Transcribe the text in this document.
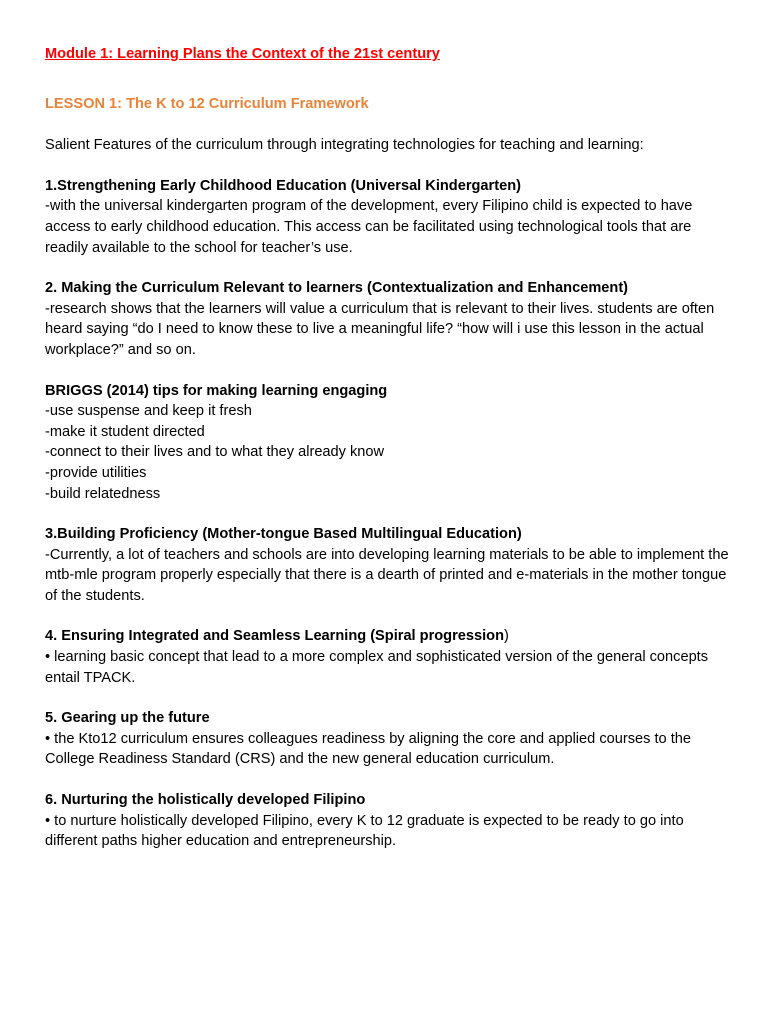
Module 1: Learning Plans the Context of the 21st century

LESSON 1: The K to 12 Curriculum Framework

Salient Features of the curriculum through integrating technologies for teaching and learning:

1.Strengthening Early Childhood Education (Universal Kindergarten)

-with the universal kindergarten program of the development, every Filipino child is expected to have access to early childhood education. This access can be facilitated using technological tools that are readily available to the school for teacher’s use.

2. Making the Curriculum Relevant to learners (Contextualization and Enhancement)

-research shows that the learners will value a curriculum that is relevant to their lives. students are often heard saying “do I need to know these to live a meaningful life? “how will i use this lesson in the actual workplace?” and so on.

BRIGGS (2014) tips for making learning engaging

-use suspense and keep it fresh

-make it student directed

-connect to their lives and to what they already know

-provide utilities

-build relatedness

3.Building Proficiency (Mother-tongue Based Multilingual Education)

-Currently, a lot of teachers and schools are into developing learning materials to be able to implement the mtb-mle program properly especially that there is a dearth of printed and e-materials in the mother tongue of the students.

4. Ensuring Integrated and Seamless Learning (Spiral progression)

• learning basic concept that lead to a more complex and sophisticated version of the general concepts entail TPACK.

5. Gearing up the future

• the Kto12 curriculum ensures colleagues readiness by aligning the core and applied courses to the College Readiness Standard (CRS) and the new general education curriculum.

6. Nurturing the holistically developed Filipino

• to nurture holistically developed Filipino, every K to 12 graduate is expected to be ready to go into different paths higher education and entrepreneurship.
